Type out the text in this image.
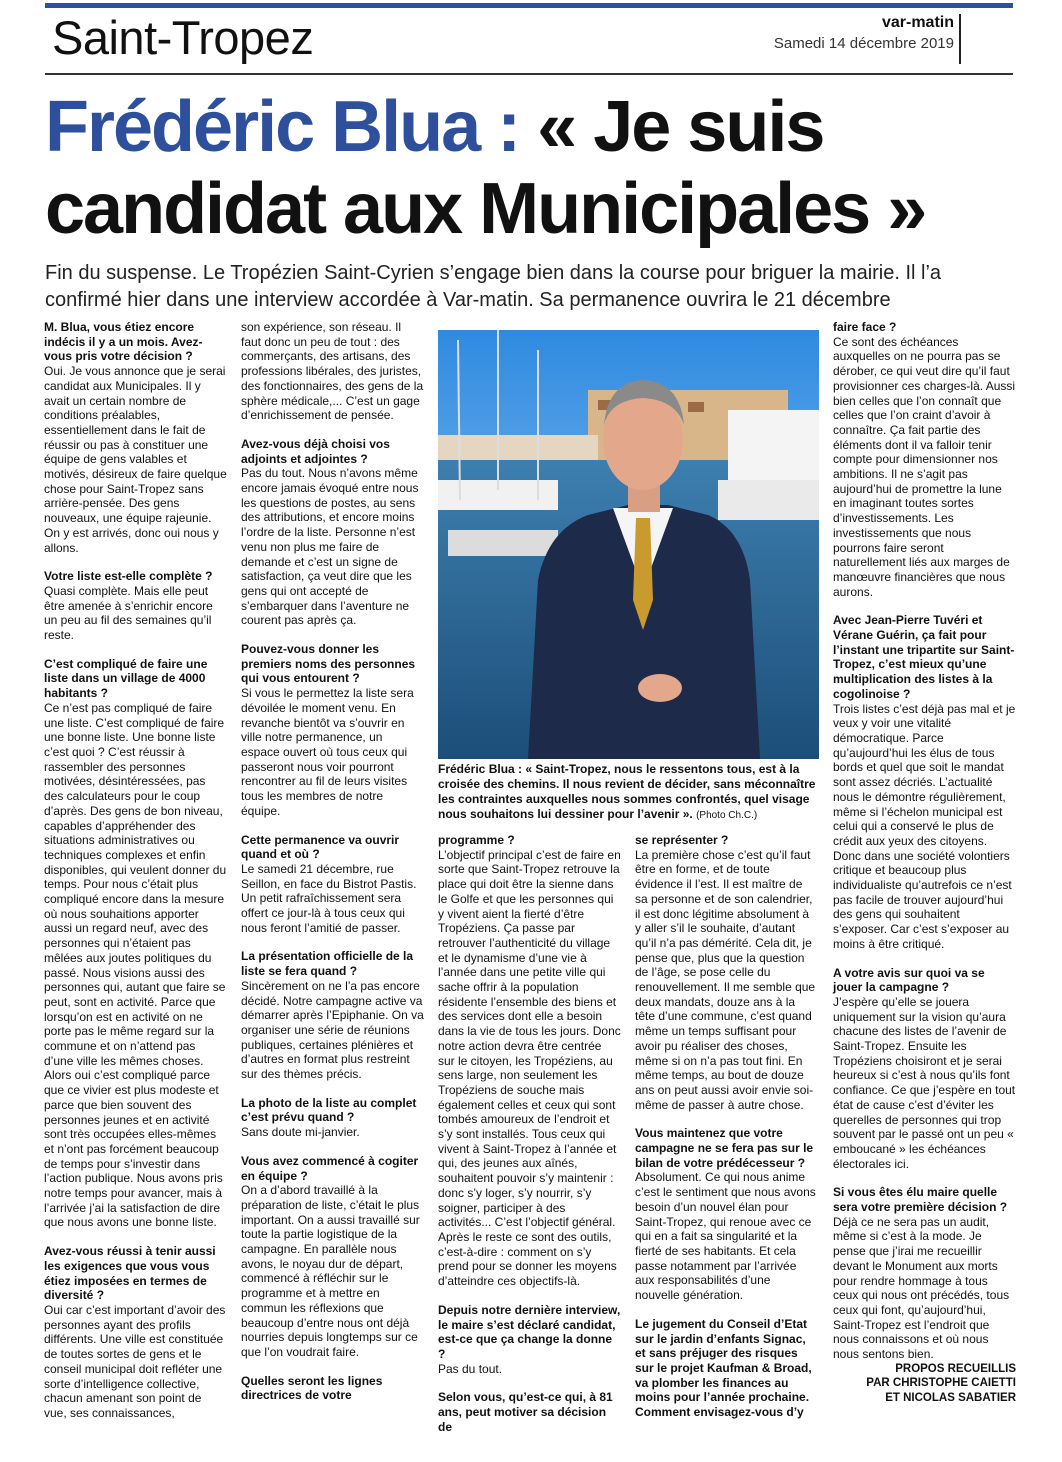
Saint-Tropez	var-matin
Samedi 14 décembre 2019
Frédéric Blua : « Je suis candidat aux Municipales »

Fin du suspense. Le Tropézien Saint-Cyrien s’engage bien dans la course pour briguer la mairie. Il l’a confirmé hier dans une interview accordée à Var-matin. Sa permanence ouvrira le 21 décembre

M. Blua, vous étiez encore indécis il y a un mois. Avez-vous pris votre décision ?

Oui. Je vous annonce que je serai candidat aux Municipales. Il y avait un certain nombre de conditions préalables, essentiellement dans le fait de réussir ou pas à constituer une équipe de gens valables et motivés, désireux de faire quelque chose pour Saint-Tropez sans arrière-pensée. Des gens nouveaux, une équipe rajeunie. On y est arrivés, donc oui nous y allons.

Votre liste est-elle complète ?

Quasi complète. Mais elle peut être amenée à s’enrichir encore un peu au fil des semaines qu’il reste.

C’est compliqué de faire une liste dans un village de 4000 habitants ?

Ce n’est pas compliqué de faire une liste. C’est compliqué de faire une bonne liste. Une bonne liste c’est quoi ? C’est réussir à rassembler des personnes motivées, désintéressées, pas des calculateurs pour le coup d’après. Des gens de bon niveau, capables d’appréhender des situations administratives ou techniques complexes et enfin disponibles, qui veulent donner du temps. Pour nous c’était plus compliqué encore dans la mesure où nous souhaitions apporter aussi un regard neuf, avec des personnes qui n’étaient pas mêlées aux joutes politiques du passé. Nous visions aussi des personnes qui, autant que faire se peut, sont en activité. Parce que lorsqu’on est en activité on ne porte pas le même regard sur la commune et on n’attend pas d’une ville les mêmes choses. Alors oui c’est compliqué parce que ce vivier est plus modeste et parce que bien souvent des personnes jeunes et en activité sont très occupées elles-mêmes et n’ont pas forcément beaucoup de temps pour s’investir dans l’action publique. Nous avons pris notre temps pour avancer, mais à l’arrivée j’ai la satisfaction de dire que nous avons une bonne liste.

Avez-vous réussi à tenir aussi les exigences que vous vous étiez imposées en termes de diversité ?

Oui car c’est important d’avoir des personnes ayant des profils différents. Une ville est constituée de toutes sortes de gens et le conseil municipal doit refléter une sorte d’intelligence collective, chacun amenant son point de vue, ses connaissances,

son expérience, son réseau. Il faut donc un peu de tout : des commerçants, des artisans, des professions libérales, des juristes, des fonctionnaires, des gens de la sphère médicale,... C’est un gage d’enrichissement de pensée.

Avez-vous déjà choisi vos adjoints et adjointes ?

Pas du tout. Nous n’avons même encore jamais évoqué entre nous les questions de postes, au sens des attributions, et encore moins l’ordre de la liste. Personne n’est venu non plus me faire de demande et c’est un signe de satisfaction, ça veut dire que les gens qui ont accepté de s’embarquer dans l’aventure ne courent pas après ça.

Pouvez-vous donner les premiers noms des personnes qui vous entourent ?

Si vous le permettez la liste sera dévoilée le moment venu. En revanche bientôt va s’ouvrir en ville notre permanence, un espace ouvert où tous ceux qui passeront nous voir pourront rencontrer au fil de leurs visites tous les membres de notre équipe.

Cette permanence va ouvrir quand et où ?

Le samedi 21 décembre, rue Seillon, en face du Bistrot Pastis. Un petit rafraîchissement sera offert ce jour-là à tous ceux qui nous feront l’amitié de passer.

La présentation officielle de la liste se fera quand ?

Sincèrement on ne l’a pas encore décidé. Notre campagne active va démarrer après l’Epiphanie. On va organiser une série de réunions publiques, certaines plénières et d’autres en format plus restreint sur des thèmes précis.

La photo de la liste au complet c’est prévu quand ?

Sans doute mi-janvier.

Vous avez commencé à cogiter en équipe ?

On a d’abord travaillé à la préparation de liste, c’était le plus important. On a aussi travaillé sur toute la partie logistique de la campagne. En parallèle nous avons, le noyau dur de départ, commencé à réfléchir sur le programme et à mettre en commun les réflexions que beaucoup d’entre nous ont déjà nourries depuis longtemps sur ce que l’on voudrait faire.

Quelles seront les lignes directrices de votre

Frédéric Blua : « Saint-Tropez, nous le ressentons tous, est à la croisée des chemins. Il nous revient de décider, sans méconnaître les contraintes auxquelles nous sommes confrontés, quel visage nous souhaitons lui dessiner pour l’avenir ». (Photo Ch.C.)

programme ?

L’objectif principal c’est de faire en sorte que Saint-Tropez retrouve la place qui doit être la sienne dans le Golfe et que les personnes qui y vivent aient la fierté d’être Tropéziens. Ça passe par retrouver l’authenticité du village et le dynamisme d’une vie à l’année dans une petite ville qui sache offrir à la population résidente l’ensemble des biens et des services dont elle a besoin dans la vie de tous les jours. Donc notre action devra être centrée sur le citoyen, les Tropéziens, au sens large, non seulement les Tropéziens de souche mais également celles et ceux qui sont tombés amoureux de l’endroit et s’y sont installés. Tous ceux qui vivent à Saint-Tropez à l’année et qui, des jeunes aux aînés, souhaitent pouvoir s’y maintenir : donc s’y loger, s’y nourrir, s’y soigner, participer à des activités... C’est l’objectif général. Après le reste ce sont des outils, c’est-à-dire : comment on s’y prend pour se donner les moyens d’atteindre ces objectifs-là.

Depuis notre dernière interview, le maire s’est déclaré candidat, est-ce que ça change la donne ?

Pas du tout.

Selon vous, qu’est-ce qui, à 81 ans, peut motiver sa décision de

se représenter ?

La première chose c’est qu’il faut être en forme, et de toute évidence il l’est. Il est maître de sa personne et de son calendrier, il est donc légitime absolument à y aller s’il le souhaite, d’autant qu’il n’a pas démérité. Cela dit, je pense que, plus que la question de l’âge, se pose celle du renouvellement. Il me semble que deux mandats, douze ans à la tête d’une commune, c’est quand même un temps suffisant pour avoir pu réaliser des choses, même si on n’a pas tout fini. En même temps, au bout de douze ans on peut aussi avoir envie soi-même de passer à autre chose.

Vous maintenez que votre campagne ne se fera pas sur le bilan de votre prédécesseur ?

Absolument. Ce qui nous anime c’est le sentiment que nous avons besoin d’un nouvel élan pour Saint-Tropez, qui renoue avec ce qui en a fait sa singularité et la fierté de ses habitants. Et cela passe notamment par l’arrivée aux responsabilités d’une nouvelle génération.

Le jugement du Conseil d’Etat sur le jardin d’enfants Signac, et sans préjuger des risques sur le projet Kaufman & Broad, va plomber les finances au moins pour l’année prochaine. Comment envisagez-vous d’y

faire face ?

Ce sont des échéances auxquelles on ne pourra pas se dérober, ce qui veut dire qu’il faut provisionner ces charges-là. Aussi bien celles que l’on connaît que celles que l’on craint d’avoir à connaître. Ça fait partie des éléments dont il va falloir tenir compte pour dimensionner nos ambitions. Il ne s’agit pas aujourd’hui de promettre la lune en imaginant toutes sortes d’investissements. Les investissements que nous pourrons faire seront naturellement liés aux marges de manœuvre financières que nous aurons.

Avec Jean-Pierre Tuvéri et Vérane Guérin, ça fait pour l’instant une tripartite sur Saint-Tropez, c’est mieux qu’une multiplication des listes à la cogolinoise ?

Trois listes c’est déjà pas mal et je veux y voir une vitalité démocratique. Parce qu’aujourd’hui les élus de tous bords et quel que soit le mandat sont assez décriés. L’actualité nous le démontre régulièrement, même si l’échelon municipal est celui qui a conservé le plus de crédit aux yeux des citoyens. Donc dans une société volontiers critique et beaucoup plus individualiste qu’autrefois ce n’est pas facile de trouver aujourd’hui des gens qui souhaitent s’exposer. Car c’est s’exposer au moins à être critiqué.

A votre avis sur quoi va se jouer la campagne ?

J’espère qu’elle se jouera uniquement sur la vision qu’aura chacune des listes de l’avenir de Saint-Tropez. Ensuite les Tropéziens choisiront et je serai heureux si c’est à nous qu’ils font confiance. Ce que j’espère en tout état de cause c’est d’éviter les querelles de personnes qui trop souvent par le passé ont un peu « emboucané » les échéances électorales ici.

Si vous êtes élu maire quelle sera votre première décision ?

Déjà ce ne sera pas un audit, même si c’est à la mode. Je pense que j’irai me recueillir devant le Monument aux morts pour rendre hommage à tous ceux qui nous ont précédés, tous ceux qui font, qu’aujourd’hui, Saint-Tropez est l’endroit que nous connaissons et où nous nous sentons bien.

PROPOS RECUEILLIS
PAR CHRISTOPHE CAIETTI
ET NICOLAS SABATIER
